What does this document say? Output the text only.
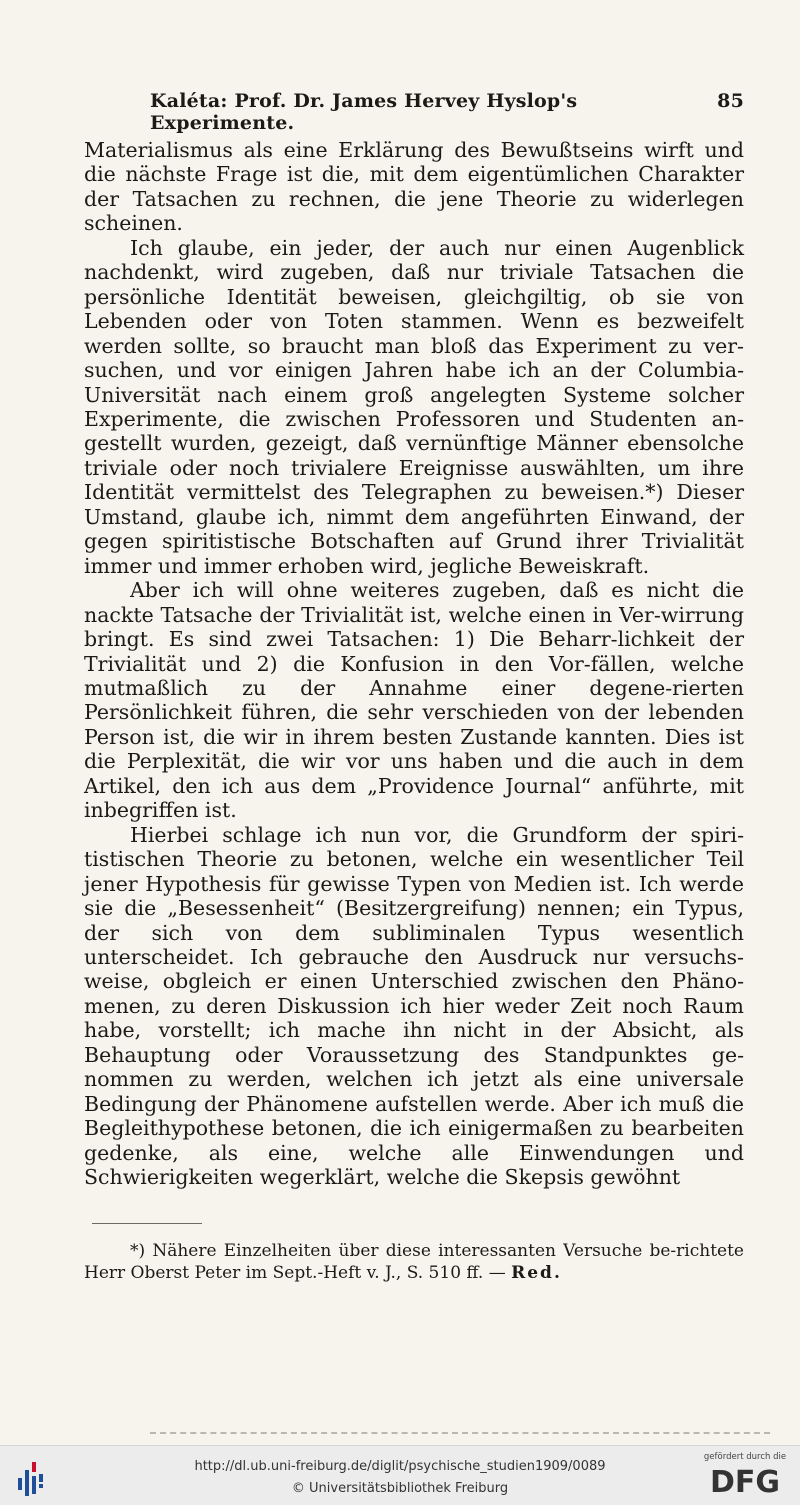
Kaléta: Prof. Dr. James Hervey Hyslop's Experimente.
85

Materialismus als eine Erklärung des Bewußtseins wirft und die nächste Frage ist die, mit dem eigentümlichen Charakter der Tatsachen zu rechnen, die jene Theorie zu widerlegen scheinen.

Ich glaube, ein jeder, der auch nur einen Augenblick nachdenkt, wird zugeben, daß nur triviale Tatsachen die persönliche Identität beweisen, gleichgiltig, ob sie von Lebenden oder von Toten stammen. Wenn es bezweifelt werden sollte, so braucht man bloß das Experiment zu ver-suchen, und vor einigen Jahren habe ich an der Columbia-Universität nach einem groß angelegten Systeme solcher Experimente, die zwischen Professoren und Studenten an-gestellt wurden, gezeigt, daß vernünftige Männer ebensolche triviale oder noch trivialere Ereignisse auswählten, um ihre Identität vermittelst des Telegraphen zu beweisen.*) Dieser Umstand, glaube ich, nimmt dem angeführten Einwand, der gegen spiritistische Botschaften auf Grund ihrer Trivialität immer und immer erhoben wird, jegliche Beweiskraft.

Aber ich will ohne weiteres zugeben, daß es nicht die nackte Tatsache der Trivialität ist, welche einen in Ver-wirrung bringt. Es sind zwei Tatsachen: 1) Die Beharr-lichkeit der Trivialität und 2) die Konfusion in den Vor-fällen, welche mutmaßlich zu der Annahme einer degene-rierten Persönlichkeit führen, die sehr verschieden von der lebenden Person ist, die wir in ihrem besten Zustande kannten. Dies ist die Perplexität, die wir vor uns haben und die auch in dem Artikel, den ich aus dem „Providence Journal“ anführte, mit inbegriffen ist.

Hierbei schlage ich nun vor, die Grundform der spiri-tistischen Theorie zu betonen, welche ein wesentlicher Teil jener Hypothesis für gewisse Typen von Medien ist. Ich werde sie die „Besessenheit“ (Besitzergreifung) nennen; ein Typus, der sich von dem subliminalen Typus wesentlich unterscheidet. Ich gebrauche den Ausdruck nur versuchs-weise, obgleich er einen Unterschied zwischen den Phäno-menen, zu deren Diskussion ich hier weder Zeit noch Raum habe, vorstellt; ich mache ihn nicht in der Absicht, als Behauptung oder Voraussetzung des Standpunktes ge-nommen zu werden, welchen ich jetzt als eine universale Bedingung der Phänomene aufstellen werde. Aber ich muß die Begleithypothese betonen, die ich einigermaßen zu bearbeiten gedenke, als eine, welche alle Einwendungen und Schwierigkeiten wegerklärt, welche die Skepsis gewöhnt

*) Nähere Einzelheiten über diese interessanten Versuche be-richtete Herr Oberst Peter im Sept.-Heft v. J., S. 510 ff. — Red.

http://dl.ub.uni-freiburg.de/diglit/psychische_studien1909/0089
© Universitätsbibliothek Freiburg
gefördert durch die
DFG
